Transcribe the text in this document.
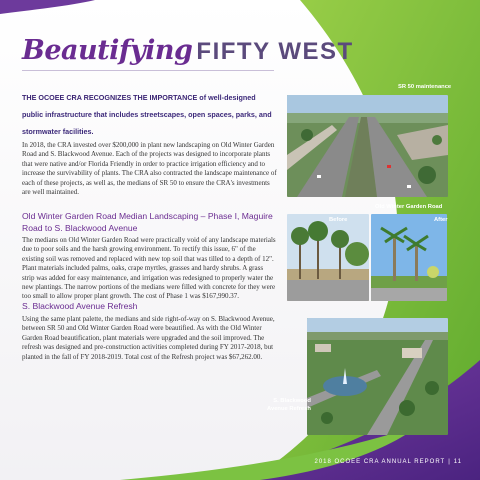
Beautifying FIFTY WEST

THE OCOEE CRA RECOGNIZES THE IMPORTANCE of well-designed public infrastructure that includes streetscapes, open spaces, parks, and stormwater facilities.

In 2018, the CRA invested over $200,000 in plant new landscaping on Old Winter Garden Road and S. Blackwood Avenue. Each of the projects was designed to incorporate plants that were native and/or Florida Friendly in order to practice irrigation efficiency and to increase the survivability of plants. The CRA also contracted the landscape maintenance of each of these projects, as well as, the medians of SR 50 to ensure the CRA's investments are well maintained.

Old Winter Garden Road Median Landscaping – Phase I, Maguire Road to S. Blackwood Avenue

The medians on Old Winter Garden Road were practically void of any landscape materials due to poor soils and the harsh growing environment. To rectify this issue, 6" of the existing soil was removed and replaced with new top soil that was tilled to a depth of 12". Plant materials included palms, oaks, crape myrtles, grasses and hardy shrubs. A grass strip was added for easy maintenance, and irrigation was redesigned to properly water the new plantings. The narrow portions of the medians were filled with concrete for they were too small to allow proper plant growth. The cost of Phase 1 was $167,990.37.

S. Blackwood Avenue Refresh

Using the same plant palette, the medians and side right-of-way on S. Blackwood Avenue, between SR 50 and Old Winter Garden Road were beautified. As with the Old Winter Garden Road beautification, plant materials were upgraded and the soil improved. The refresh was designed and pre-construction activities completed during FY 2017-2018, but planted in the fall of FY 2018-2019. Total cost of the Refresh project was $67,262.00.

SR 50 maintenance
Before	After
Old Winter Garden Road
S. Blackwood
Avenue Refresh
2018 OCOEE CRA ANNUAL REPORT | 11
